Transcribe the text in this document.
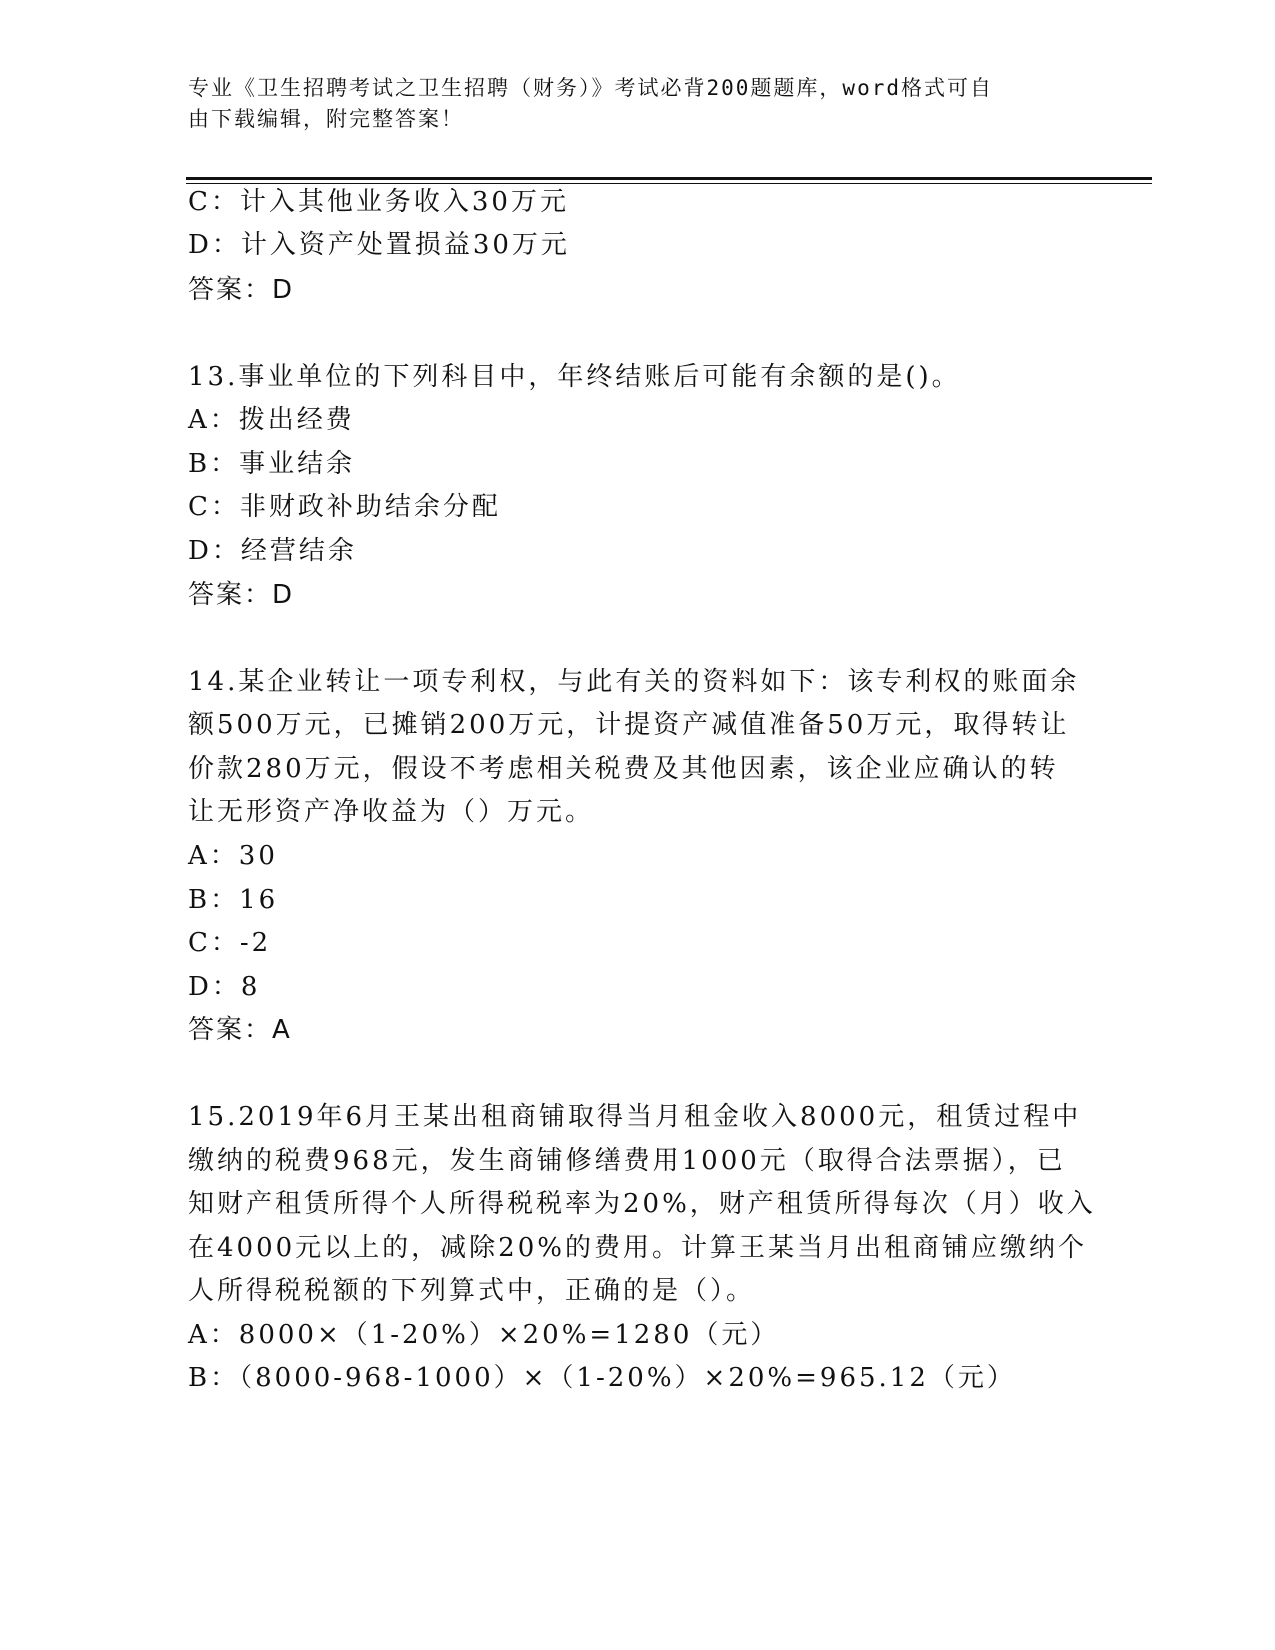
专业《卫生招聘考试之卫生招聘（财务）》考试必背200题题库，word格式可自
由下载编辑，附完整答案！
C：计入其他业务收入30万元
D：计入资产处置损益30万元
答案：D
13.事业单位的下列科目中，年终结账后可能有余额的是()。
A：拨出经费
B：事业结余
C：非财政补助结余分配
D：经营结余
答案：D
14.某企业转让一项专利权，与此有关的资料如下：该专利权的账面余
额500万元，已摊销200万元，计提资产减值准备50万元，取得转让
价款280万元，假设不考虑相关税费及其他因素，该企业应确认的转
让无形资产净收益为（）万元。
A：30
B：16
C：-2
D：8
答案：A
15.2019年6月王某出租商铺取得当月租金收入8000元，租赁过程中
缴纳的税费968元，发生商铺修缮费用1000元（取得合法票据），已
知财产租赁所得个人所得税税率为20%，财产租赁所得每次（月）收入
在4000元以上的，减除20%的费用。计算王某当月出租商铺应缴纳个
人所得税税额的下列算式中，正确的是（）。
A：8000×（1-20%）×20%=1280（元）
B：（8000-968-1000）×（1-20%）×20%=965.12（元）
